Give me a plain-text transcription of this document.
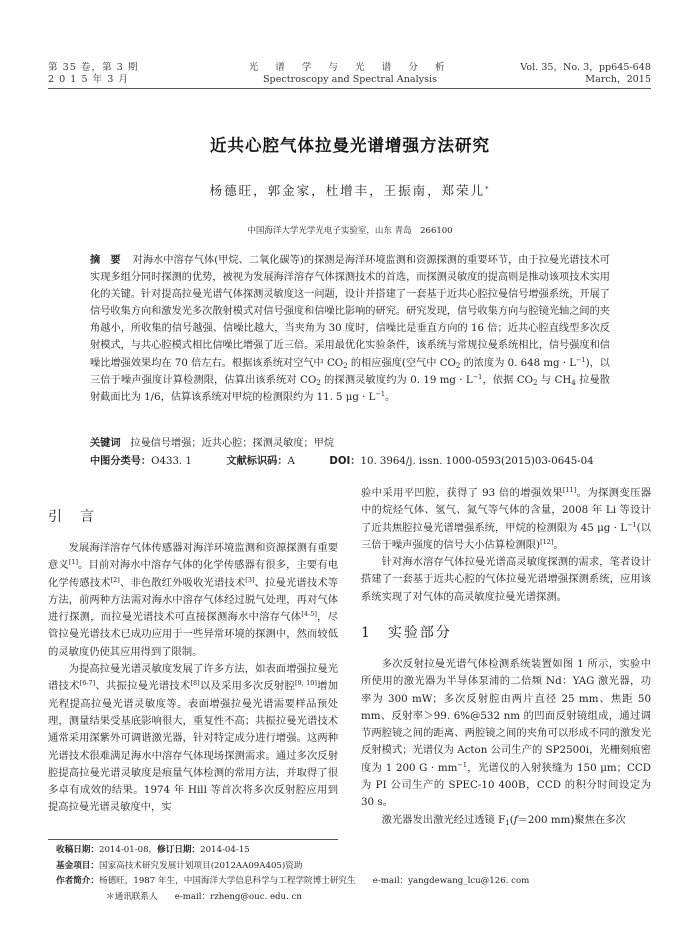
第 35 卷，第 3 期
2 0 1 5 年 3 月
光 谱 学 与 光 谱 分 析
Spectroscopy and Spectral Analysis
Vol. 35，No. 3，pp645-648
March，2015
近共心腔气体拉曼光谱增强方法研究
杨德旺，郭金家，杜增丰，王振南，郑荣儿*
中国海洋大学光学光电子实验室，山东 青岛　266100
摘　要 对海水中溶存气体(甲烷、二氧化碳等)的探测是海洋环境监测和资源探测的重要环节，由于拉曼光谱技术可实现多组分同时探测的优势，被视为发展海洋溶存气体探测技术的首选，而探测灵敏度的提高则是推动该项技术实用化的关键。针对提高拉曼光谱气体探测灵敏度这一问题，设计并搭建了一套基于近共心腔拉曼信号增强系统，开展了信号收集方向和激发光多次散射模式对信号强度和信噪比影响的研究。研究发现，信号收集方向与腔镜光轴之间的夹角越小，所收集的信号越强、信噪比越大，当夹角为 30 度时，信噪比是垂直方向的 16 倍；近共心腔直线型多次反射模式，与共心腔模式相比信噪比增强了近三倍。采用最优化实验条件，该系统与常规拉曼系统相比，信号强度和信噪比增强效果均在 70 倍左右。根据该系统对空气中 $CO_2$ 的相应强度(空气中 $CO_2$ 的浓度为 0. 648 mg · $L^{-1}$)，以三倍于噪声强度计算检测限，估算出该系统对 $CO_2$ 的探测灵敏度约为 0. 19 mg · $L^{-1}$，依据 $CO_2$ 与 $CH_4$ 拉曼散射截面比为 1/6，估算该系统对甲烷的检测限约为 11. 5 $\mu g \cdot L^{-1}$。
关键词 拉曼信号增强；近共心腔；探测灵敏度；甲烷
中图分类号：O433. 1	文献标识码：A	DOI：10. 3964/j. issn. 1000-0593(2015)03-0645-04
引　言

发展海洋溶存气体传感器对海洋环境监测和资源探测有重要意义[1]。目前对海水中溶存气体的化学传感器有很多，主要有电化学传感技术[2]、非色散红外吸收光谱技术[3]、拉曼光谱技术等方法，前两种方法需对海水中溶存气体经过脱气处理，再对气体进行探测，而拉曼光谱技术可直接探测海水中溶存气体[4-5]，尽管拉曼光谱技术已成功应用于一些异常环境的探测中，然而较低的灵敏度仍使其应用得到了限制。

为提高拉曼光谱灵敏度发展了许多方法，如表面增强拉曼光谱技术[6-7]、共振拉曼光谱技术[8]以及采用多次反射腔[9, 10]增加光程提高拉曼光谱灵敏度等。表面增强拉曼光谱需要样品预处理，测量结果受基底影响很大，重复性不高；共振拉曼光谱技术通常采用深紫外可调谐激光器，针对特定成分进行增强。这两种光谱技术很难满足海水中溶存气体现场探测需求。通过多次反射腔提高拉曼光谱灵敏度是痕量气体检测的常用方法，并取得了很多卓有成效的结果。1974 年 Hill 等首次将多次反射腔应用到提高拉曼光谱灵敏度中，实

验中采用平凹腔，获得了 93 倍的增强效果[11]。为探测变压器中的烷烃气体、氢气、氮气等气体的含量，2008 年 Li 等设计了近共焦腔拉曼光谱增强系统，甲烷的检测限为 45 $\mu g \cdot L^{-1}$(以三倍于噪声强度的信号大小估算检测限)[12]。

针对海水溶存气体拉曼光谱高灵敏度探测的需求，笔者设计搭建了一套基于近共心腔的气体拉曼光谱增强探测系统，应用该系统实现了对气体的高灵敏度拉曼光谱探测。

1　实验部分

多次反射拉曼光谱气体检测系统装置如图 1 所示，实验中所使用的激光器为半导体泵浦的二倍频 Nd：YAG 激光器，功率为 300 mW；多次反射腔由两片直径 25 mm、焦距 50 mm、反射率＞99. 6%@532 nm 的凹面反射镜组成，通过调节两腔镜之间的距离、两腔镜之间的夹角可以形成不同的激发光反射模式；光谱仪为 Acton 公司生产的 SP2500i，光栅刻痕密度为 1 200 $G \cdot mm^{-1}$，光谱仪的入射狭缝为 150 μm；CCD 为 PI 公司生产的 SPEC-10 400B，CCD 的积分时间设定为 30 s。

激光器发出激光经过透镜 $F_1(f=200$ mm)聚焦在多次

收稿日期：2014-01-08，修订日期：2014-04-15
基金项目：国家高技术研究发展计划项目(2012AA09A405)资助
作者简介：杨德旺，1987 年生，中国海洋大学信息科学与工程学院博士研究生　　e-mail：yangdewang_lcu@126. com
＊通讯联系人　　e-mail：rzheng@ouc. edu. cn
